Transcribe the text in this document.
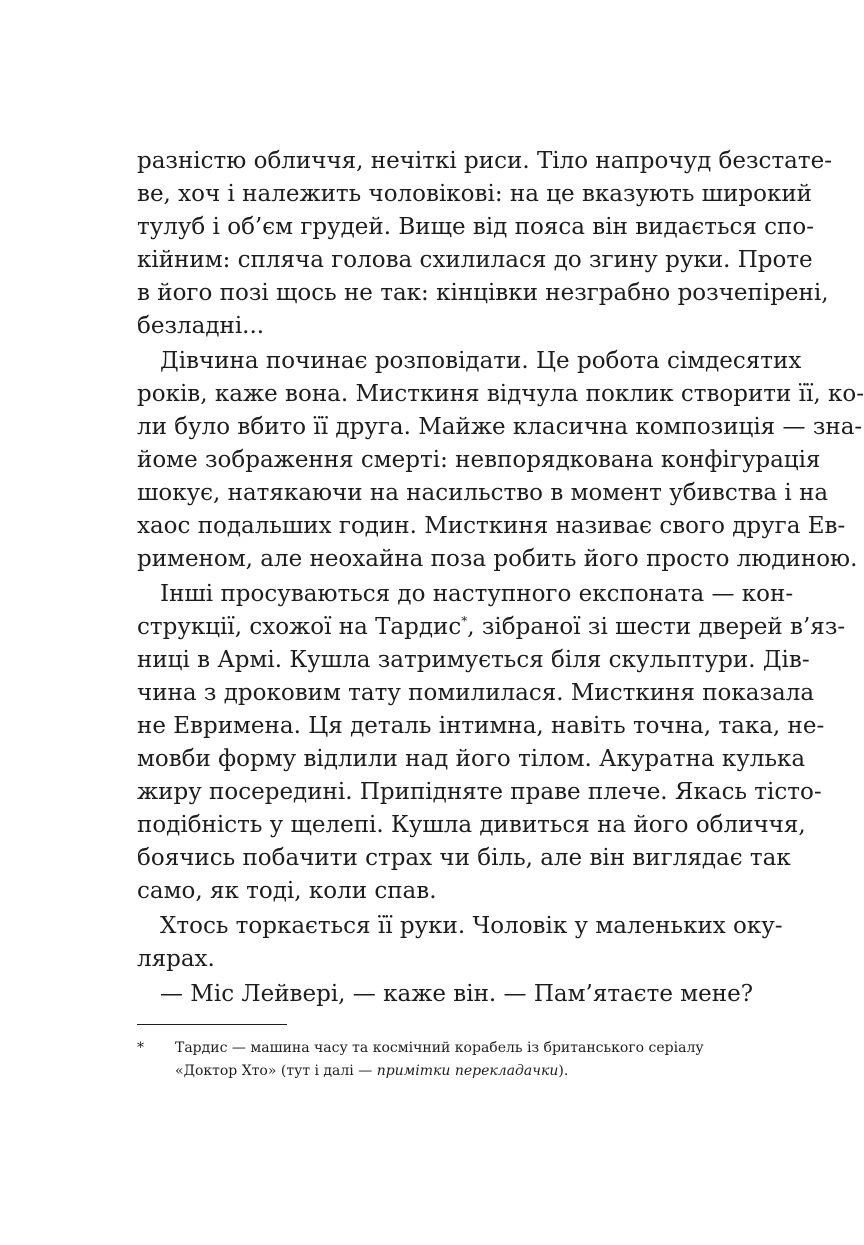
разністю обличчя, нечіткі риси. Тіло напрочуд безстате-
ве, хоч і належить чоловікові: на це вказують широкий
тулуб і об’єм грудей. Вище від пояса він видається спо-
кійним: спляча голова схилилася до згину руки. Проте
в його позі щось не так: кінцівки незграбно розчепірені,
безладні...
Дівчина починає розповідати. Це робота сімдесятих
років, каже вона. Мисткиня відчула поклик створити її, ко-
ли було вбито її друга. Майже класична композиція — зна-
йоме зображення смерті: невпорядкована конфігурація
шокує, натякаючи на насильство в момент убивства і на
хаос подальших годин. Мисткиня називає свого друга Ев-
рименом, але неохайна поза робить його просто людиною.
Інші просуваються до наступного експоната — кон-
струкції, схожої на Тардис*, зібраної зі шести дверей в’яз-
ниці в Армі. Кушла затримується біля скульптури. Дів-
чина з дроковим тату помилилася. Мисткиня показала
не Евримена. Ця деталь інтимна, навіть точна, така, не-
мовби форму відлили над його тілом. Акуратна кулька
жиру посередині. Припідняте праве плече. Якась тісто-
подібність у щелепі. Кушла дивиться на його обличчя,
боячись побачити страх чи біль, але він виглядає так
само, як тоді, коли спав.
Хтось торкається її руки. Чоловік у маленьких оку-
лярах.
— Міс Лейвері, — каже він. — Пам’ятаєте мене?
* Тардис — машина часу та космічний корабель із британського серіалу
«Доктор Хто» (тут і далі — примітки перекладачки).
